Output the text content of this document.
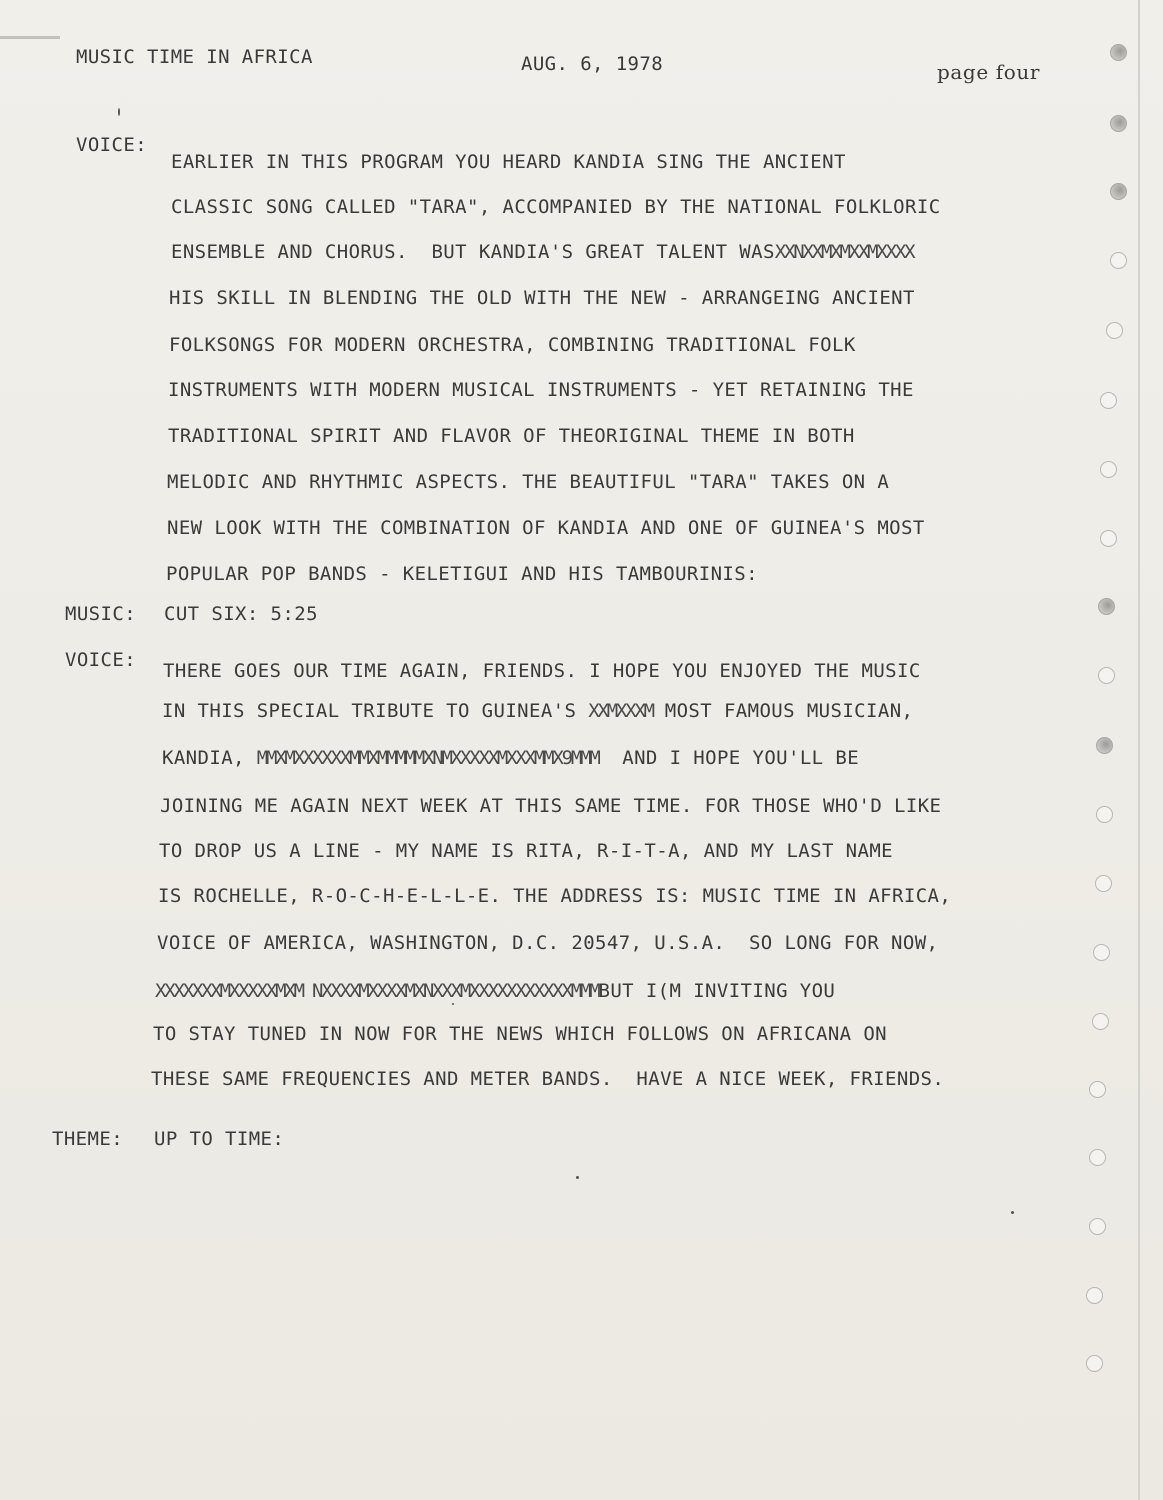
MUSIC TIME IN AFRICA	AUG. 6, 1978	page four
VOICE:
EARLIER IN THIS PROGRAM YOU HEARD KANDIA SING THE ANCIENT
CLASSIC SONG CALLED "TARA", ACCOMPANIED BY THE NATIONAL FOLKLORIC
ENSEMBLE AND CHORUS.  BUT KANDIA'S GREAT TALENT WASXXNXXMXMXXMXXXX
HIS SKILL IN BLENDING THE OLD WITH THE NEW - ARRANGEING ANCIENT
FOLKSONGS FOR MODERN ORCHESTRA, COMBINING TRADITIONAL FOLK
INSTRUMENTS WITH MODERN MUSICAL INSTRUMENTS - YET RETAINING THE
TRADITIONAL SPIRIT AND FLAVOR OF THEORIGINAL THEME IN BOTH
MELODIC AND RHYTHMIC ASPECTS. THE BEAUTIFUL "TARA" TAKES ON A
NEW LOOK WITH THE COMBINATION OF KANDIA AND ONE OF GUINEA'S MOST
POPULAR POP BANDS - KELETIGUI AND HIS TAMBOURINIS:
MUSIC: CUT SIX: 5:25
VOICE: THERE GOES OUR TIME AGAIN, FRIENDS. I HOPE YOU ENJOYED THE MUSIC
IN THIS SPECIAL TRIBUTE TO GUINEA'S XXMXXXM MOST FAMOUS MUSICIAN,
KANDIA, MMXMXXXXXXMMXMMMMMXNMXXXXXMXXXMMX9MMM AND I HOPE YOU'LL BE
JOINING ME AGAIN NEXT WEEK AT THIS SAME TIME. FOR THOSE WHO'D LIKE
TO DROP US A LINE - MY NAME IS RITA, R-I-T-A, AND MY LAST NAME
IS ROCHELLE, R-O-C-H-E-L-L-E. THE ADDRESS IS: MUSIC TIME IN AFRICA,
VOICE OF AMERICA, WASHINGTON, D.C. 20547, U.S.A.  SO LONG FOR NOW,
XXXXXXXMXXXXXMXM NXXXXMXXXXMXNXXXMXXXXXXXXXXXMMMBUT I(M INVITING YOU
TO STAY TUNED IN NOW FOR THE NEWS WHICH FOLLOWS ON AFRICANA ON
THESE SAME FREQUENCIES AND METER BANDS.  HAVE A NICE WEEK, FRIENDS.
THEME: UP TO TIME:
